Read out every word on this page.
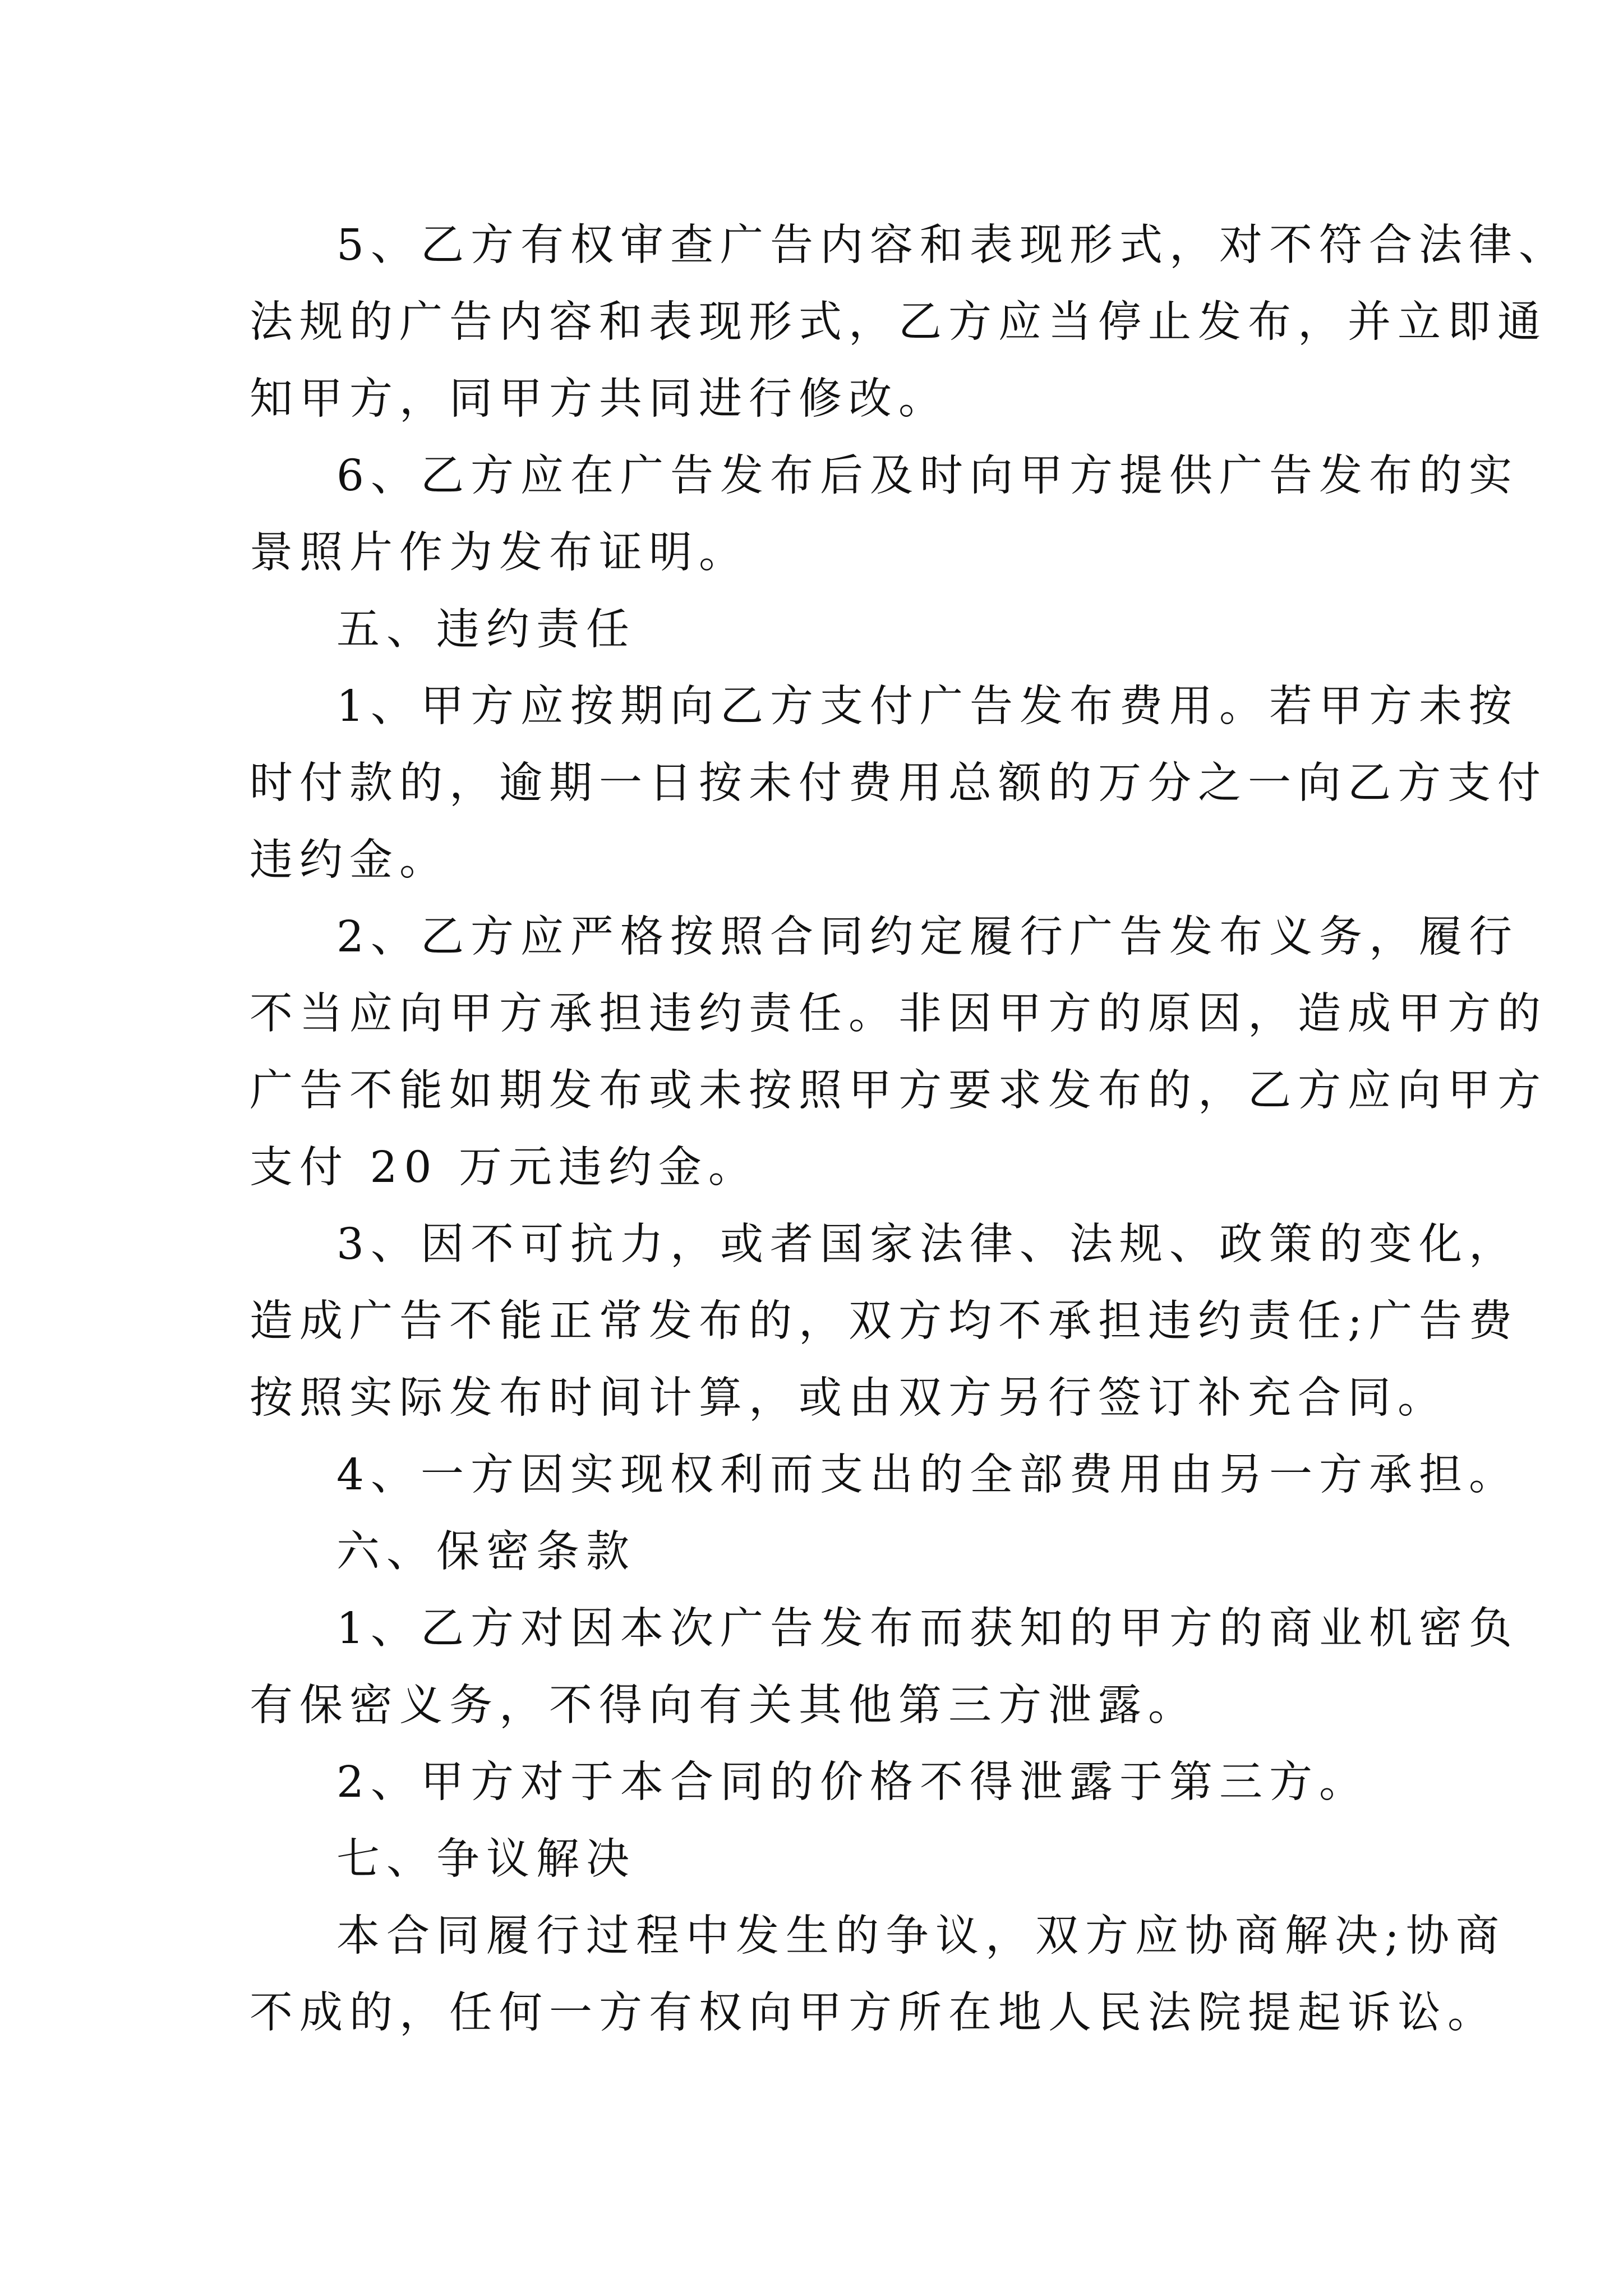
5、乙方有权审查广告内容和表现形式，对不符合法律、
法规的广告内容和表现形式，乙方应当停止发布，并立即通
知甲方，同甲方共同进行修改。
6、乙方应在广告发布后及时向甲方提供广告发布的实
景照片作为发布证明。
五、违约责任
1、甲方应按期向乙方支付广告发布费用。若甲方未按
时付款的，逾期一日按未付费用总额的万分之一向乙方支付
违约金。
2、乙方应严格按照合同约定履行广告发布义务，履行
不当应向甲方承担违约责任。非因甲方的原因，造成甲方的
广告不能如期发布或未按照甲方要求发布的，乙方应向甲方
支付 20 万元违约金。
3、因不可抗力，或者国家法律、法规、政策的变化，
造成广告不能正常发布的，双方均不承担违约责任;广告费
按照实际发布时间计算，或由双方另行签订补充合同。
4、一方因实现权利而支出的全部费用由另一方承担。
六、保密条款
1、乙方对因本次广告发布而获知的甲方的商业机密负
有保密义务，不得向有关其他第三方泄露。
2、甲方对于本合同的价格不得泄露于第三方。
七、争议解决
本合同履行过程中发生的争议，双方应协商解决;协商
不成的，任何一方有权向甲方所在地人民法院提起诉讼。
